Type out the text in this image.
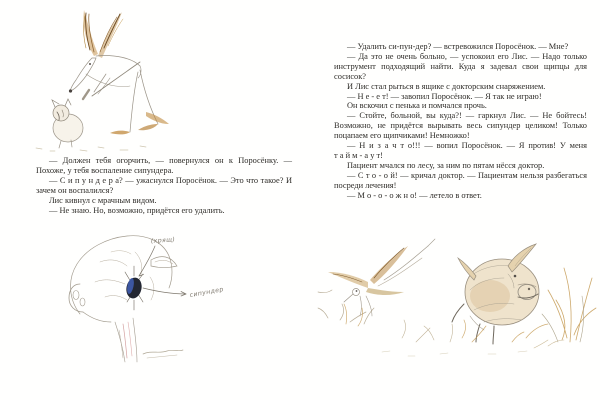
— Должен тебя огорчить, — повернулся он к Поросёнку. — Похоже, у тебя воспаление сипундера.

— С и п у н д е р а? — ужаснулся Поросёнок. — Это что такое? И зачем он воспалился?

Лис кивнул с мрачным видом.

— Не знаю. Но, возможно, придётся его удалить.

(хрящ)
сипундер

— Удалить си-пун-дер? — встревожился Поросёнок. — Мне?

— Да это не очень больно, — успокоил его Лис. — Надо только инструмент подходящий найти. Куда я задевал свои щипцы для сосисок?

И Лис стал рыться в ящике с докторским снаряжением.

— Н е - е т! — завопил Поросёнок. — Я так не играю!

Он вскочил с пенька и помчался прочь.

— Стойте, больной, вы куда?! — гаркнул Лис. — Не бойтесь! Возможно, не придётся вырывать весь сипундер целиком! Только поцапаем его щипчиками! Немножко!

— Н и з а ч т о!!! — вопил Поросёнок. — Я против! У меня т а й м - а у т!

Пациент мчался по лесу, за ним по пятам нёсся доктор.

— С т о - о й! — кричал доктор. — Пациентам нельзя разбегаться посреди лечения!

— М о - о - о ж н о! — летело в ответ.
